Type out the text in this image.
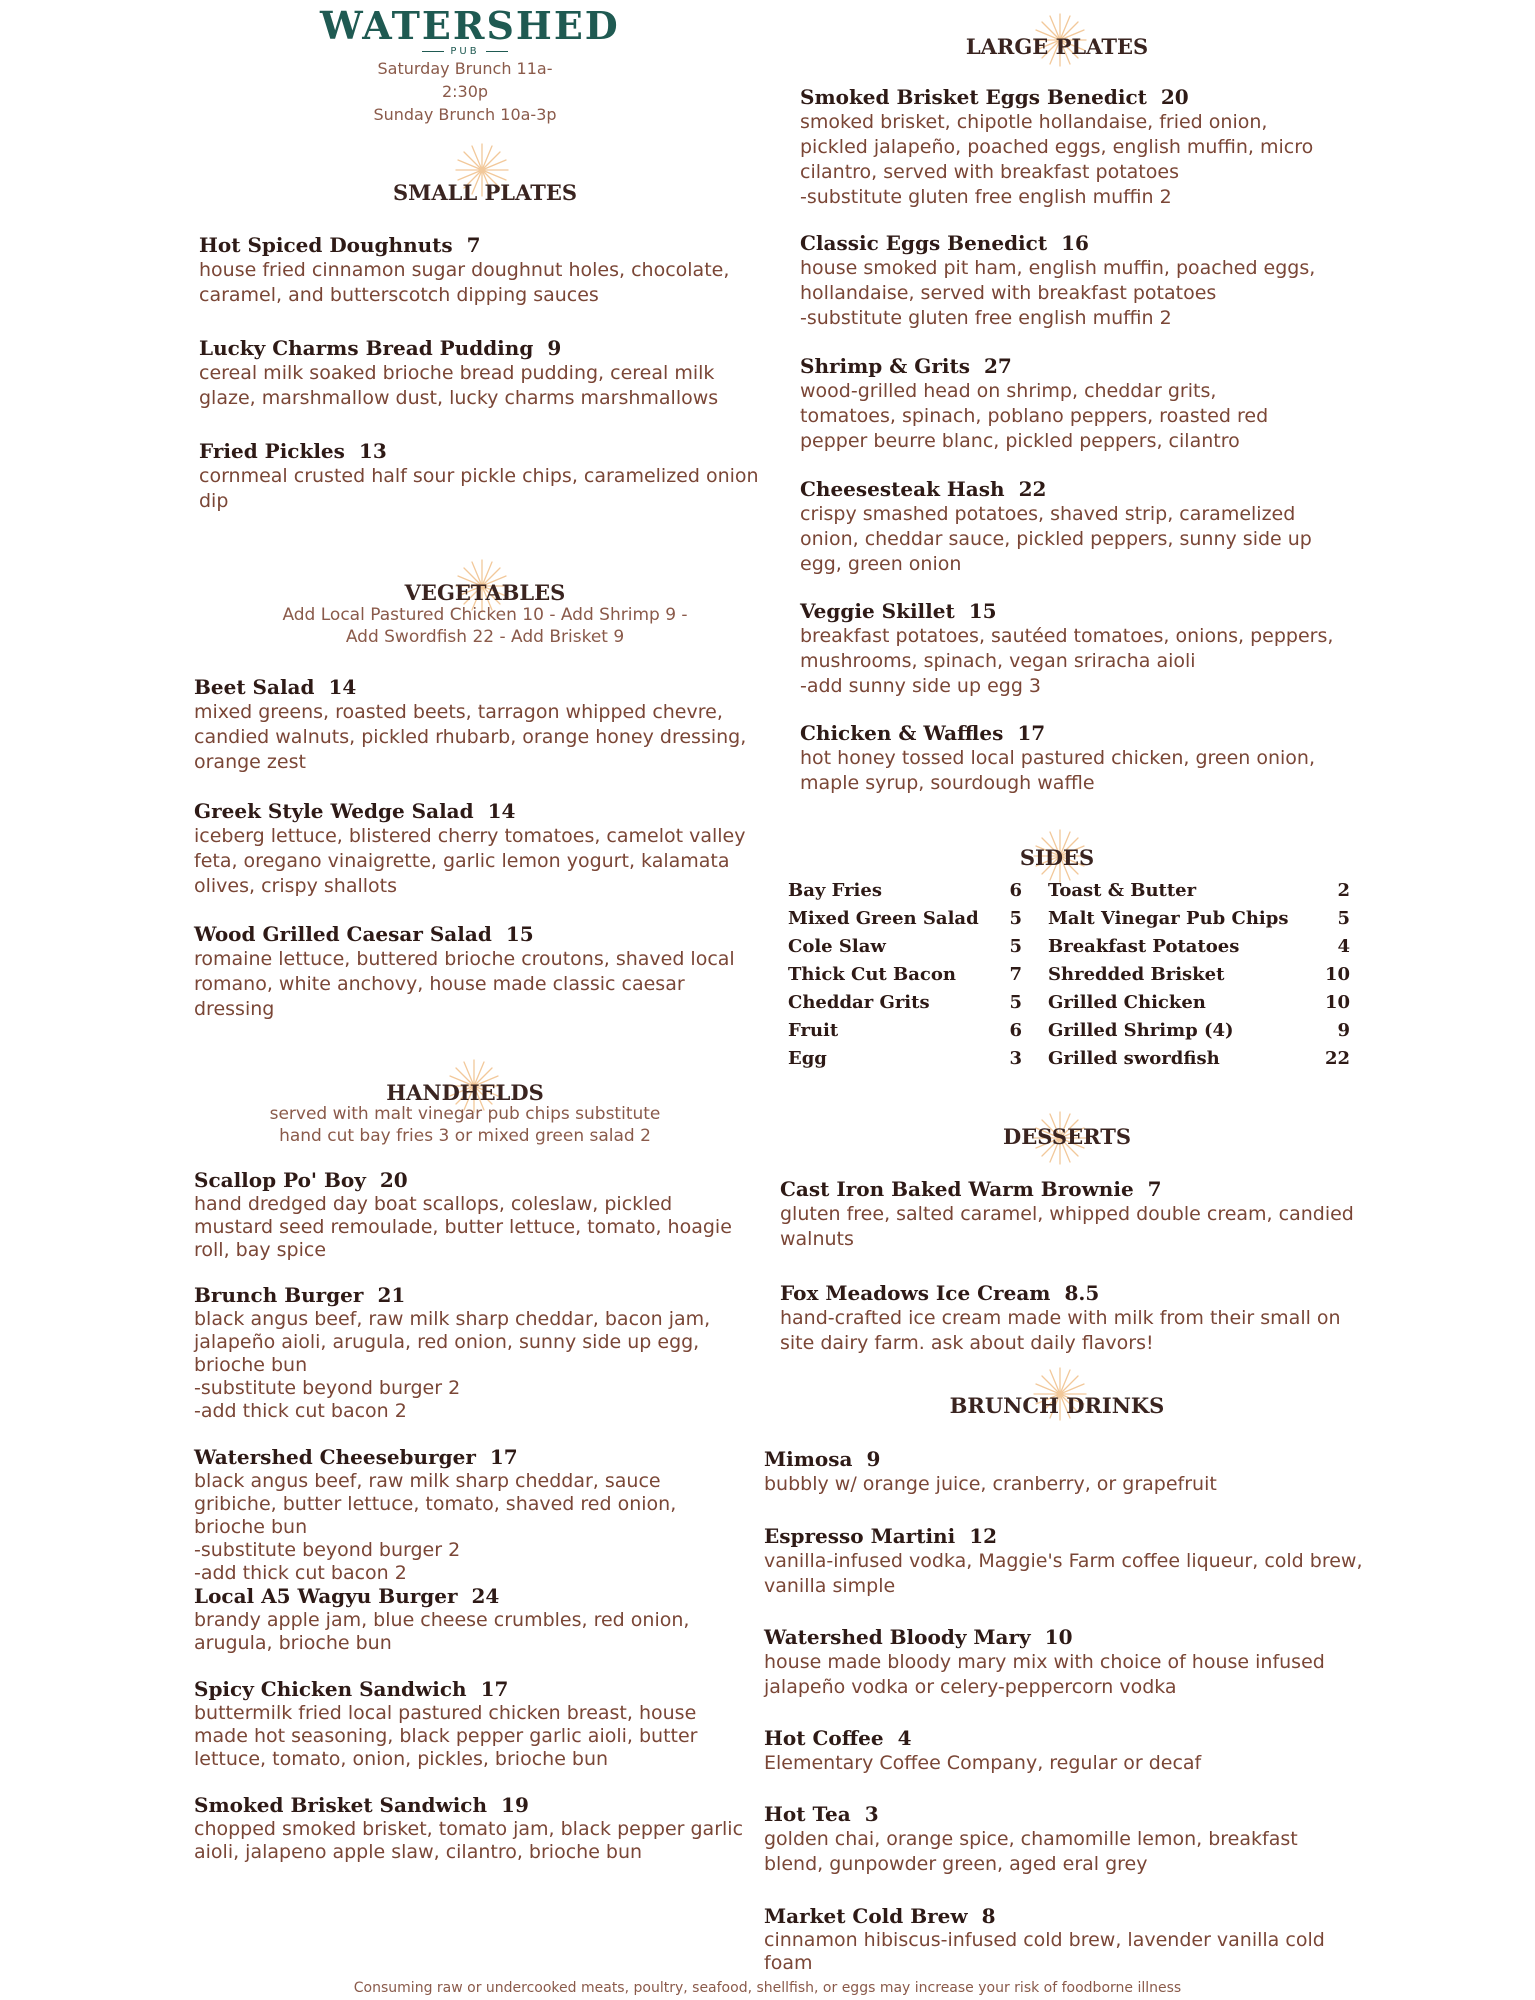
WATERSHED
PUB
Saturday Brunch 11a-
2:30p
Sunday Brunch 10a-3p
SMALL PLATES
Hot Spiced Doughnuts 7
house fried cinnamon sugar doughnut holes, chocolate, caramel, and butterscotch dipping sauces
Lucky Charms Bread Pudding 9
cereal milk soaked brioche bread pudding, cereal milk glaze, marshmallow dust, lucky charms marshmallows
Fried Pickles 13
cornmeal crusted half sour pickle chips, caramelized onion dip
VEGETABLES
Add Local Pastured Chicken 10 - Add Shrimp 9 -
Add Swordfish 22 - Add Brisket 9
Beet Salad 14
mixed greens, roasted beets, tarragon whipped chevre, candied walnuts, pickled rhubarb, orange honey dressing, orange zest
Greek Style Wedge Salad 14
iceberg lettuce, blistered cherry tomatoes, camelot valley feta, oregano vinaigrette, garlic lemon yogurt, kalamata olives, crispy shallots
Wood Grilled Caesar Salad 15
romaine lettuce, buttered brioche croutons, shaved local romano, white anchovy, house made classic caesar dressing
HANDHELDS
served with malt vinegar pub chips substitute
hand cut bay fries 3 or mixed green salad 2
Scallop Po' Boy 20
hand dredged day boat scallops, coleslaw, pickled mustard seed remoulade, butter lettuce, tomato, hoagie roll, bay spice
Brunch Burger 21
black angus beef, raw milk sharp cheddar, bacon jam, jalapeño aioli, arugula, red onion, sunny side up egg, brioche bun
-substitute beyond burger 2
-add thick cut bacon 2
Watershed Cheeseburger 17
black angus beef, raw milk sharp cheddar, sauce gribiche, butter lettuce, tomato, shaved red onion, brioche bun
-substitute beyond burger 2
-add thick cut bacon 2
Local A5 Wagyu Burger 24
brandy apple jam, blue cheese crumbles, red onion, arugula, brioche bun
Spicy Chicken Sandwich 17
buttermilk fried local pastured chicken breast, house made hot seasoning, black pepper garlic aioli, butter lettuce, tomato, onion, pickles, brioche bun
Smoked Brisket Sandwich 19
chopped smoked brisket, tomato jam, black pepper garlic aioli, jalapeno apple slaw, cilantro, brioche bun
LARGE PLATES
Smoked Brisket Eggs Benedict 20
smoked brisket, chipotle hollandaise, fried onion, pickled jalapeño, poached eggs, english muffin, micro cilantro, served with breakfast potatoes
-substitute gluten free english muffin 2
Classic Eggs Benedict 16
house smoked pit ham, english muffin, poached eggs, hollandaise, served with breakfast potatoes
-substitute gluten free english muffin 2
Shrimp & Grits 27
wood-grilled head on shrimp, cheddar grits, tomatoes, spinach, poblano peppers, roasted red pepper beurre blanc, pickled peppers, cilantro
Cheesesteak Hash 22
crispy smashed potatoes, shaved strip, caramelized onion, cheddar sauce, pickled peppers, sunny side up egg, green onion
Veggie Skillet 15
breakfast potatoes, sautéed tomatoes, onions, peppers, mushrooms, spinach, vegan sriracha aioli
-add sunny side up egg 3
Chicken & Waffles 17
hot honey tossed local pastured chicken, green onion, maple syrup, sourdough waffle
SIDES
Bay Fries	6 Toast & Butter	2
Mixed Green Salad	5 Malt Vinegar Pub Chips	5
Cole Slaw	5 Breakfast Potatoes	4
Thick Cut Bacon	7 Shredded Brisket	10
Cheddar Grits	5 Grilled Chicken	10
Fruit	6 Grilled Shrimp (4)	9
Egg	3 Grilled swordfish	22
DESSERTS
Cast Iron Baked Warm Brownie 7
gluten free, salted caramel, whipped double cream, candied walnuts
Fox Meadows Ice Cream 8.5
hand-crafted ice cream made with milk from their small on site dairy farm. ask about daily flavors!
BRUNCH DRINKS
Mimosa 9
bubbly w/ orange juice, cranberry, or grapefruit
Espresso Martini 12
vanilla-infused vodka, Maggie's Farm coffee liqueur, cold brew, vanilla simple
Watershed Bloody Mary 10
house made bloody mary mix with choice of house infused jalapeño vodka or celery-peppercorn vodka
Hot Coffee 4
Elementary Coffee Company, regular or decaf
Hot Tea 3
golden chai, orange spice, chamomille lemon, breakfast blend, gunpowder green, aged eral grey
Market Cold Brew 8
cinnamon hibiscus-infused cold brew, lavender vanilla cold foam
Consuming raw or undercooked meats, poultry, seafood, shellfish, or eggs may increase your risk of foodborne illness
